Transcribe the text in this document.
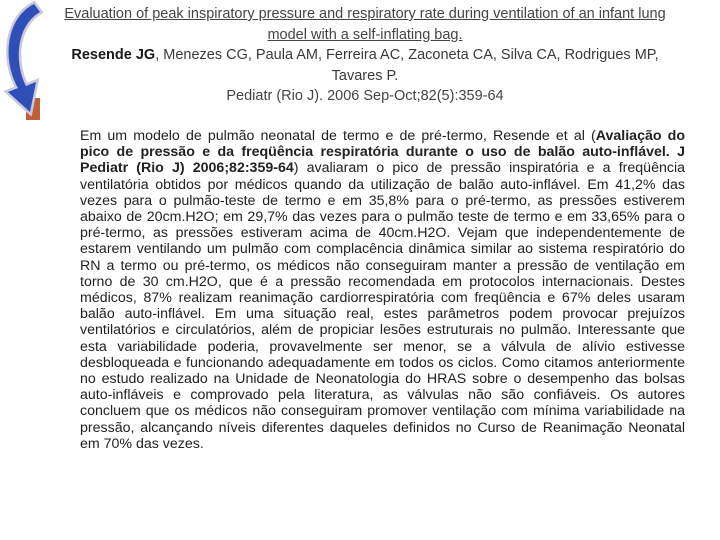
Evaluation of peak inspiratory pressure and respiratory rate during ventilation of an infant lung model with a self-inflating bag.
Resende JG, Menezes CG, Paula AM, Ferreira AC, Zaconeta CA, Silva CA, Rodrigues MP, Tavares P.
Pediatr (Rio J). 2006 Sep-Oct;82(5):359-64
Em um modelo de pulmão neonatal de termo e de pré-termo, Resende et al (Avaliação do pico de pressão e da freqüência respiratória durante o uso de balão auto-inflável. J Pediatr (Rio J) 2006;82:359-64) avaliaram o pico de pressão inspiratória e a freqüência ventilatória obtidos por médicos quando da utilização de balão auto-inflável. Em 41,2% das vezes para o pulmão-teste de termo e em 35,8% para o pré-termo, as pressões estiverem abaixo de 20cm.H2O; em 29,7% das vezes para o pulmão teste de termo e em 33,65% para o pré-termo, as pressões estiveram acima de 40cm.H2O. Vejam que independentemente de estarem ventilando um pulmão com complacência dinâmica similar ao sistema respiratório do RN a termo ou pré-termo, os médicos não conseguiram manter a pressão de ventilação em torno de 30 cm.H2O, que é a pressão recomendada em protocolos internacionais. Destes médicos, 87% realizam reanimação cardiorrespiratória com freqüência e 67% deles usaram balão auto-inflável. Em uma situação real, estes parâmetros podem provocar prejuízos ventilatórios e circulatórios, além de propiciar lesões estruturais no pulmão. Interessante que esta variabilidade poderia, provavelmente ser menor, se a válvula de alívio estivesse desbloqueada e funcionando adequadamente em todos os ciclos. Como citamos anteriormente no estudo realizado na Unidade de Neonatologia do HRAS sobre o desempenho das bolsas auto-infláveis e comprovado pela literatura, as válvulas não são confiáveis. Os autores concluem que os médicos não conseguiram promover ventilação com mínima variabilidade na pressão, alcançando níveis diferentes daqueles definidos no Curso de Reanimação Neonatal em 70% das vezes.
